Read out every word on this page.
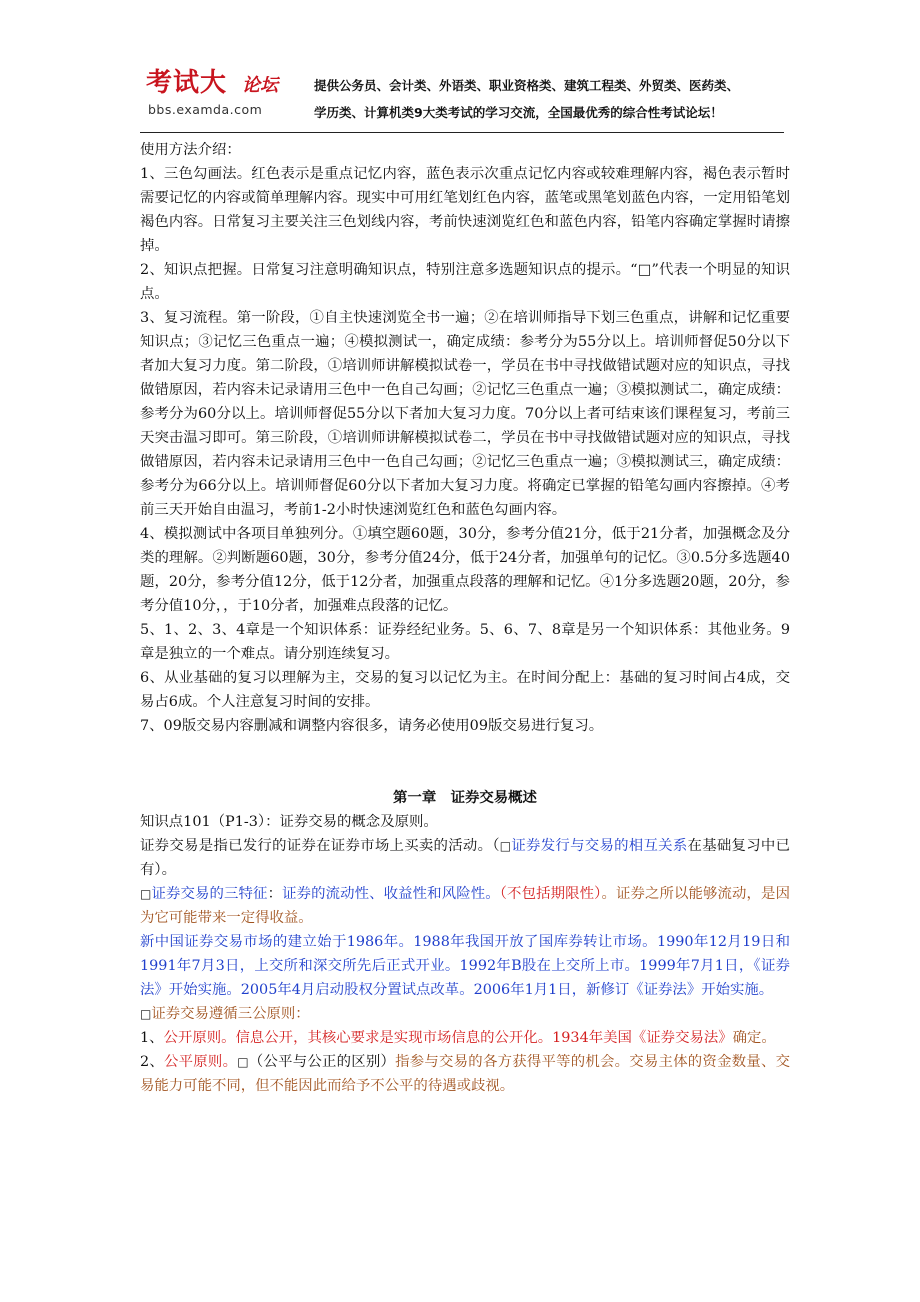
考试大 论坛
bbs.examda.com
提供公务员、会计类、外语类、职业资格类、建筑工程类、外贸类、医药类、
学历类、计算机类9大类考试的学习交流，全国最优秀的综合性考试论坛！

使用方法介绍：

1、三色勾画法。红色表示是重点记忆内容，蓝色表示次重点记忆内容或较难理解内容，褐色表示暂时需要记忆的内容或简单理解内容。现实中可用红笔划红色内容，蓝笔或黑笔划蓝色内容，一定用铅笔划褐色内容。日常复习主要关注三色划线内容，考前快速浏览红色和蓝色内容，铅笔内容确定掌握时请擦掉。

2、知识点把握。日常复习注意明确知识点，特别注意多选题知识点的提示。“□”代表一个明显的知识点。

3、复习流程。第一阶段，①自主快速浏览全书一遍；②在培训师指导下划三色重点，讲解和记忆重要知识点；③记忆三色重点一遍；④模拟测试一，确定成绩：参考分为55分以上。培训师督促50分以下者加大复习力度。第二阶段，①培训师讲解模拟试卷一，学员在书中寻找做错试题对应的知识点，寻找做错原因，若内容未记录请用三色中一色自己勾画；②记忆三色重点一遍；③模拟测试二，确定成绩：参考分为60分以上。培训师督促55分以下者加大复习力度。70分以上者可结束该们课程复习，考前三天突击温习即可。第三阶段，①培训师讲解模拟试卷二，学员在书中寻找做错试题对应的知识点，寻找做错原因，若内容未记录请用三色中一色自己勾画；②记忆三色重点一遍；③模拟测试三，确定成绩：参考分为66分以上。培训师督促60分以下者加大复习力度。将确定已掌握的铅笔勾画内容擦掉。④考前三天开始自由温习，考前1-2小时快速浏览红色和蓝色勾画内容。

4、模拟测试中各项目单独列分。①填空题60题，30分，参考分值21分，低于21分者，加强概念及分类的理解。②判断题60题，30分，参考分值24分，低于24分者，加强单句的记忆。③0.5分多选题40题，20分，参考分值12分，低于12分者，加强重点段落的理解和记忆。④1分多选题20题，20分，参考分值10分，，于10分者，加强难点段落的记忆。

5、1、2、3、4章是一个知识体系：证券经纪业务。5、6、7、8章是另一个知识体系：其他业务。9章是独立的一个难点。请分别连续复习。

6、从业基础的复习以理解为主，交易的复习以记忆为主。在时间分配上：基础的复习时间占4成，交易占6成。个人注意复习时间的安排。

7、09版交易内容删减和调整内容很多，请务必使用09版交易进行复习。

第一章　证券交易概述

知识点101（P1-3）：证券交易的概念及原则。

证券交易是指已发行的证券在证券市场上买卖的活动。（□证券发行与交易的相互关系在基础复习中已有）。

□证券交易的三特征：证券的流动性、收益性和风险性。（不包括期限性）。证券之所以能够流动，是因为它可能带来一定得收益。

新中国证券交易市场的建立始于1986年。1988年我国开放了国库券转让市场。1990年12月19日和1991年7月3日，上交所和深交所先后正式开业。1992年B股在上交所上市。1999年7月1日，《证券法》开始实施。2005年4月启动股权分置试点改革。2006年1月1日，新修订《证券法》开始实施。

□证券交易遵循三公原则：

1、公开原则。信息公开，其核心要求是实现市场信息的公开化。1934年美国《证券交易法》确定。

2、公平原则。□（公平与公正的区别）指参与交易的各方获得平等的机会。交易主体的资金数量、交易能力可能不同，但不能因此而给予不公平的待遇或歧视。
